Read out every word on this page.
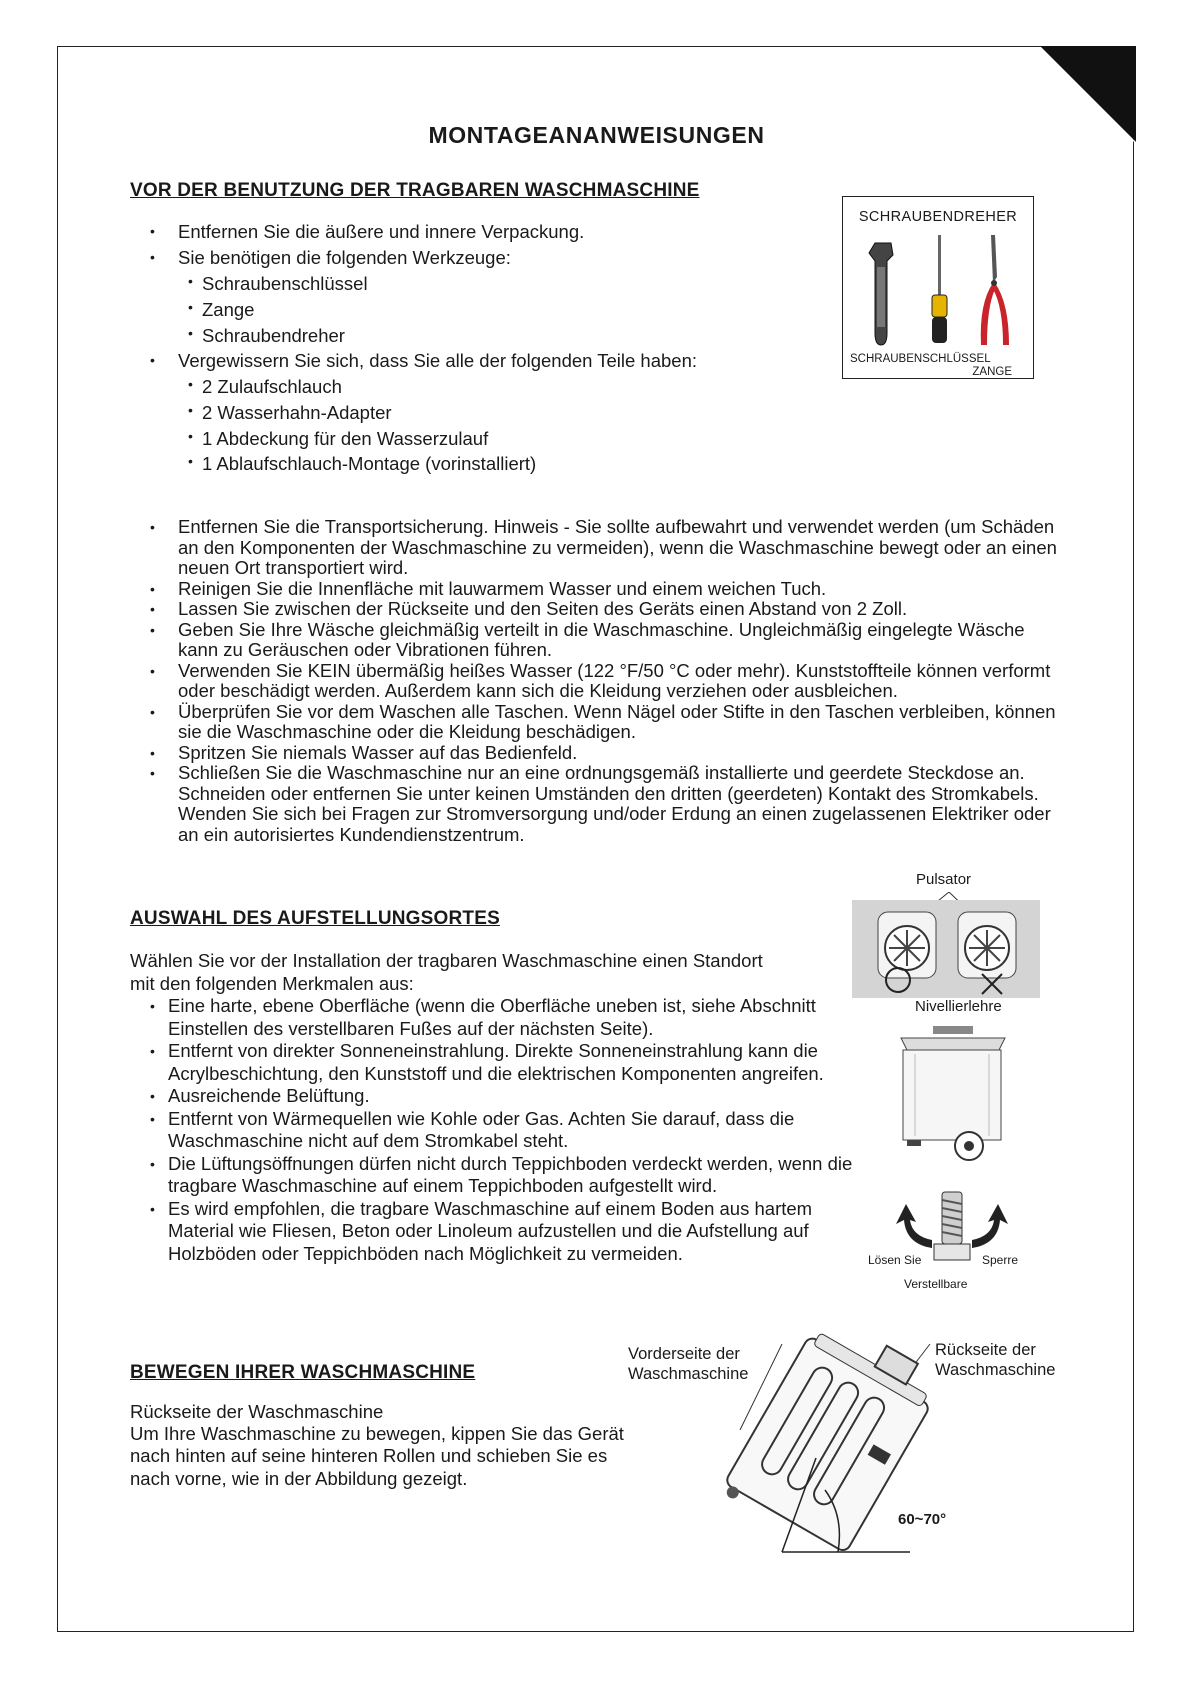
MONTAGEANANWEISUNGEN
VOR DER BENUTZUNG DER TRAGBAREN WASCHMASCHINE
• Entfernen Sie die äußere und innere Verpackung.
• Sie benötigen die folgenden Werkzeuge:
• Schraubenschlüssel
• Zange
• Schraubendreher
• Vergewissern Sie sich, dass Sie alle der folgenden Teile haben:
• 2 Zulaufschlauch
• 2 Wasserhahn-Adapter
• 1 Abdeckung für den Wasserzulauf
• 1 Ablaufschlauch-Montage (vorinstalliert)
SCHRAUBENDREHER
SCHRAUBENSCHLÜSSEL
ZANGE
• Entfernen Sie die Transportsicherung. Hinweis - Sie sollte aufbewahrt und verwendet werden (um Schäden an den Komponenten der Waschmaschine zu vermeiden), wenn die Waschmaschine bewegt oder an einen neuen Ort transportiert wird.
• Reinigen Sie die Innenfläche mit lauwarmem Wasser und einem weichen Tuch.
• Lassen Sie zwischen der Rückseite und den Seiten des Geräts einen Abstand von 2 Zoll.
• Geben Sie Ihre Wäsche gleichmäßig verteilt in die Waschmaschine. Ungleichmäßig eingelegte Wäsche kann zu Geräuschen oder Vibrationen führen.
• Verwenden Sie KEIN übermäßig heißes Wasser (122 °F/50 °C oder mehr). Kunststoffteile können verformt oder beschädigt werden. Außerdem kann sich die Kleidung verziehen oder ausbleichen.
• Überprüfen Sie vor dem Waschen alle Taschen. Wenn Nägel oder Stifte in den Taschen verbleiben, können sie die Waschmaschine oder die Kleidung beschädigen.
• Spritzen Sie niemals Wasser auf das Bedienfeld.
• Schließen Sie die Waschmaschine nur an eine ordnungsgemäß installierte und geerdete Steckdose an. Schneiden oder entfernen Sie unter keinen Umständen den dritten (geerdeten) Kontakt des Stromkabels. Wenden Sie sich bei Fragen zur Stromversorgung und/oder Erdung an einen zugelassenen Elektriker oder an ein autorisiertes Kundendienstzentrum.
AUSWAHL DES AUFSTELLUNGSORTES
Wählen Sie vor der Installation der tragbaren Waschmaschine einen Standort mit den folgenden Merkmalen aus:
• Eine harte, ebene Oberfläche (wenn die Oberfläche uneben ist, siehe Abschnitt Einstellen des verstellbaren Fußes auf der nächsten Seite).
• Entfernt von direkter Sonneneinstrahlung. Direkte Sonneneinstrahlung kann die Acrylbeschichtung, den Kunststoff und die elektrischen Komponenten angreifen.
• Ausreichende Belüftung.
• Entfernt von Wärmequellen wie Kohle oder Gas. Achten Sie darauf, dass die Waschmaschine nicht auf dem Stromkabel steht.
• Die Lüftungsöffnungen dürfen nicht durch Teppichboden verdeckt werden, wenn die tragbare Waschmaschine auf einem Teppichboden aufgestellt wird.
• Es wird empfohlen, die tragbare Waschmaschine auf einem Boden aus hartem Material wie Fliesen, Beton oder Linoleum aufzustellen und die Aufstellung auf Holzböden oder Teppichböden nach Möglichkeit zu vermeiden.
Pulsator
Nivellierlehre
Lösen Sie	Sperre
Verstellbare
BEWEGEN IHRER WASCHMASCHINE
Rückseite der Waschmaschine
Um Ihre Waschmaschine zu bewegen, kippen Sie das Gerät nach hinten auf seine hinteren Rollen und schieben Sie es nach vorne, wie in der Abbildung gezeigt.
Vorderseite der Waschmaschine
Rückseite der Waschmaschine
60~70°
